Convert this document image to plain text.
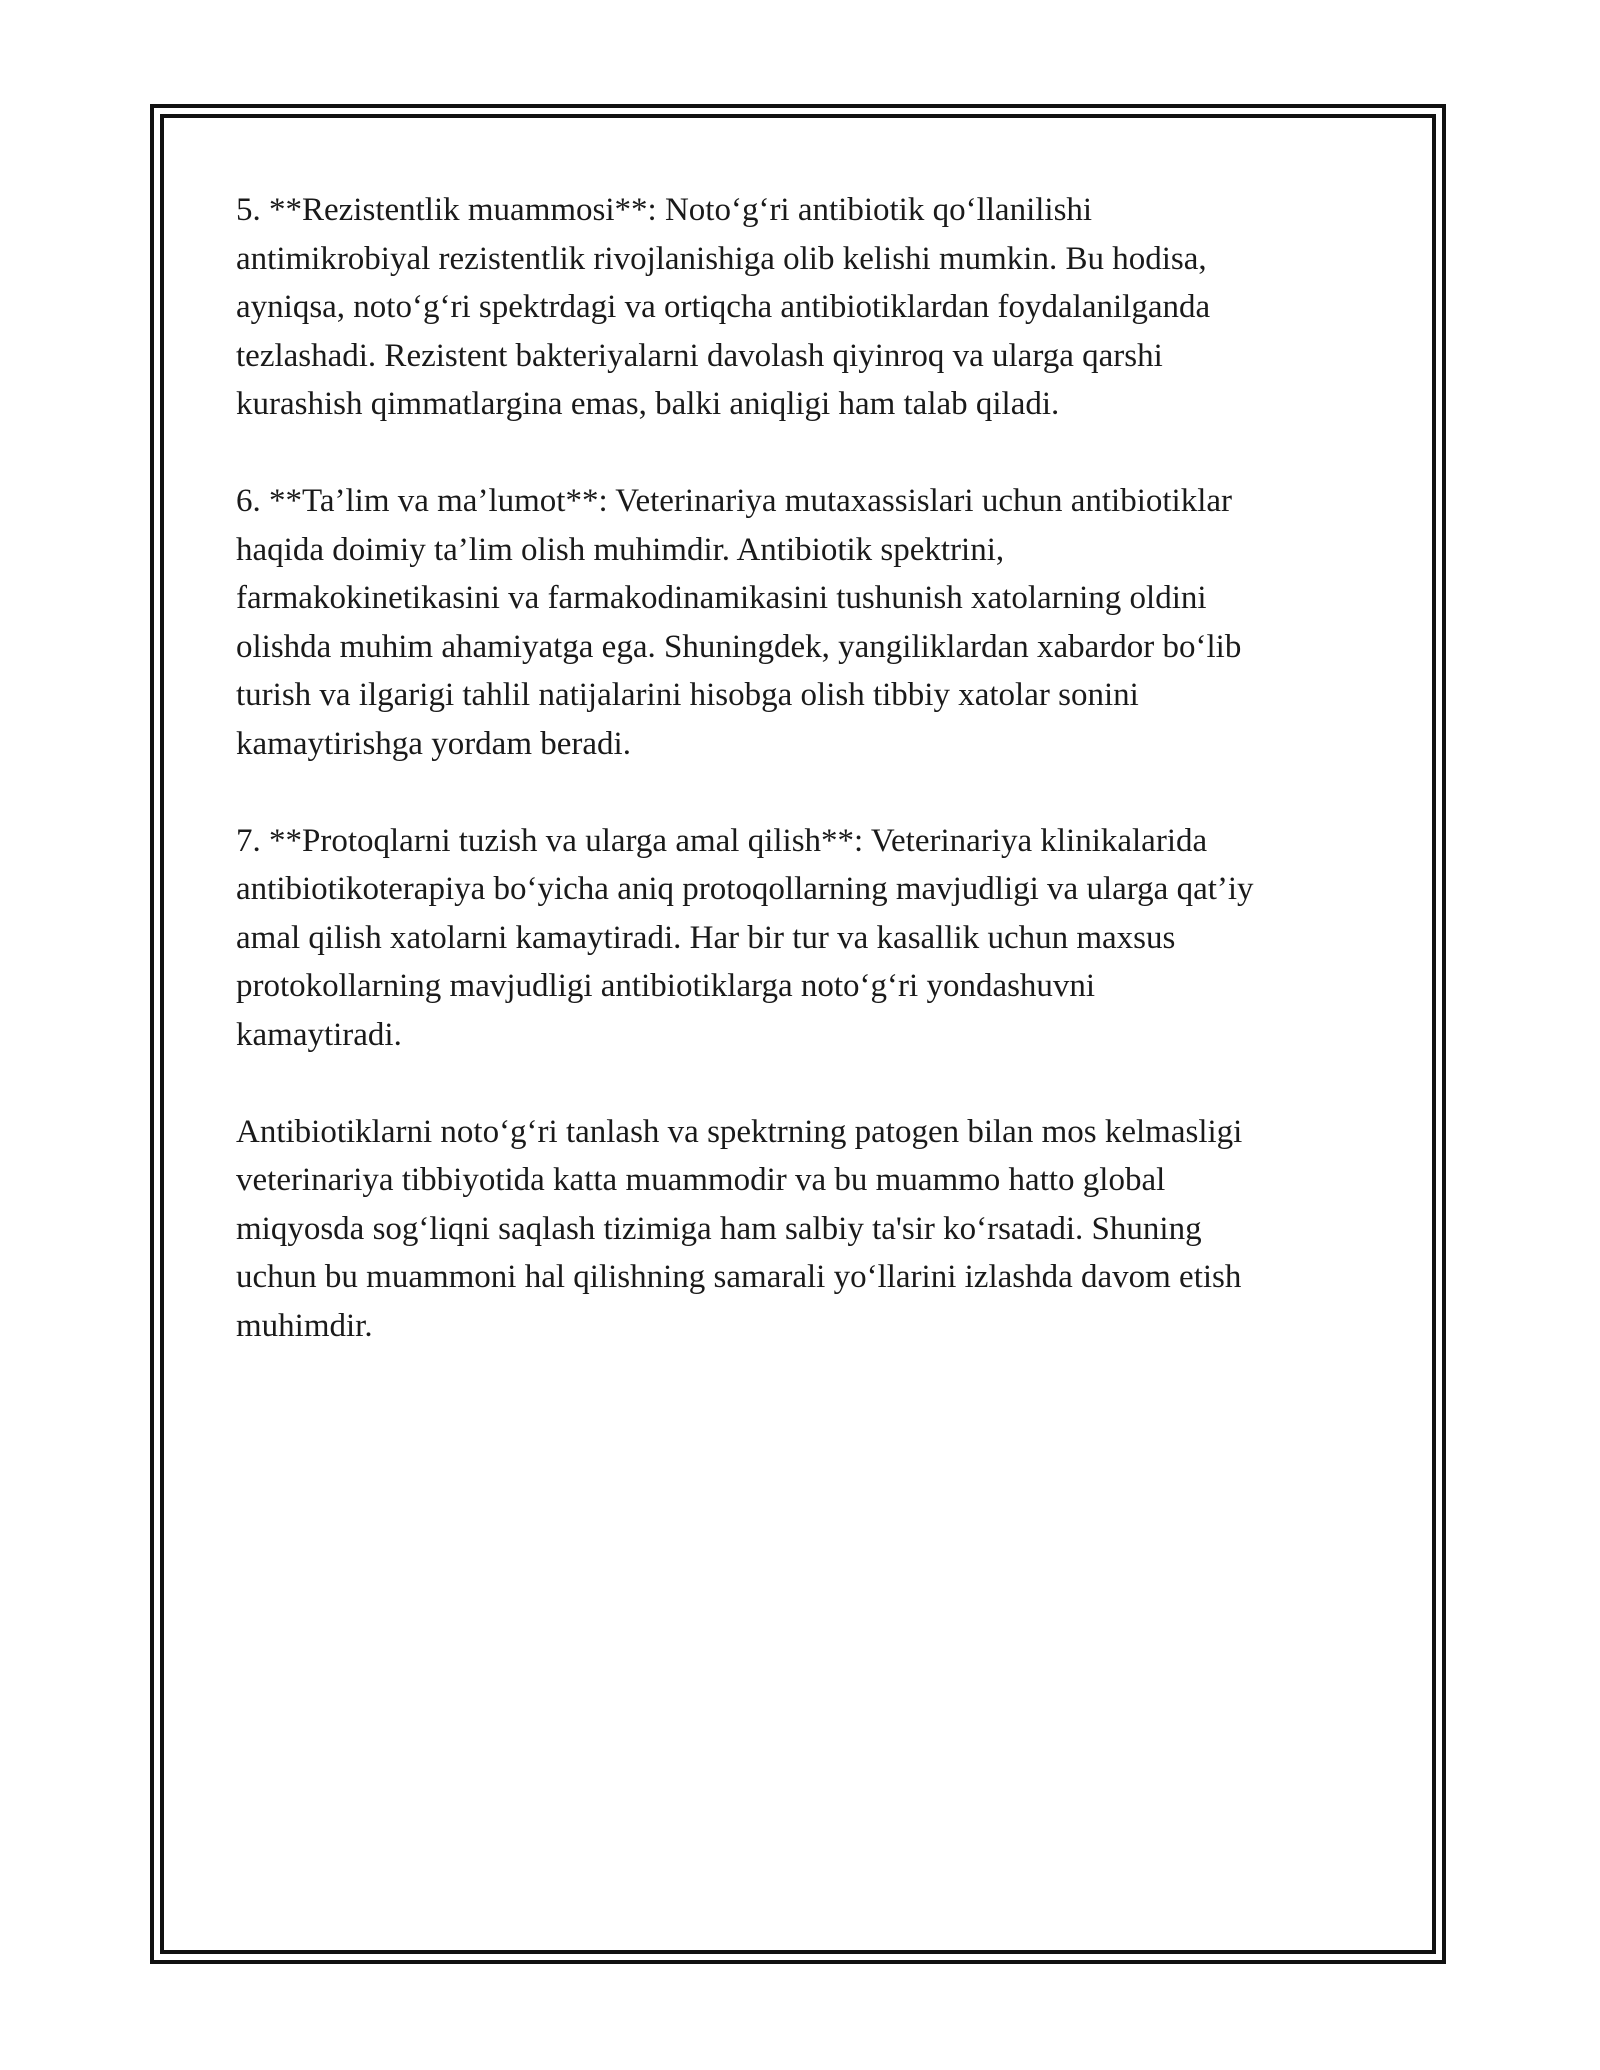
5. **Rezistentlik muammosi**: Noto‘g‘ri antibiotik qo‘llanilishi
antimikrobiyal rezistentlik rivojlanishiga olib kelishi mumkin. Bu hodisa,
ayniqsa, noto‘g‘ri spektrdagi va ortiqcha antibiotiklardan foydalanilganda
tezlashadi. Rezistent bakteriyalarni davolash qiyinroq va ularga qarshi
kurashish qimmatlargina emas, balki aniqligi ham talab qiladi.

6. **Ta’lim va ma’lumot**: Veterinariya mutaxassislari uchun antibiotiklar
haqida doimiy ta’lim olish muhimdir. Antibiotik spektrini,
farmakokinetikasini va farmakodinamikasini tushunish xatolarning oldini
olishda muhim ahamiyatga ega. Shuningdek, yangiliklardan xabardor bo‘lib
turish va ilgarigi tahlil natijalarini hisobga olish tibbiy xatolar sonini
kamaytirishga yordam beradi.

7. **Protoqlarni tuzish va ularga amal qilish**: Veterinariya klinikalarida
antibiotikoterapiya bo‘yicha aniq protoqollarning mavjudligi va ularga qat’iy
amal qilish xatolarni kamaytiradi. Har bir tur va kasallik uchun maxsus
protokollarning mavjudligi antibiotiklarga noto‘g‘ri yondashuvni
kamaytiradi.

Antibiotiklarni noto‘g‘ri tanlash va spektrning patogen bilan mos kelmasligi
veterinariya tibbiyotida katta muammodir va bu muammo hatto global
miqyosda sog‘liqni saqlash tizimiga ham salbiy ta'sir ko‘rsatadi. Shuning
uchun bu muammoni hal qilishning samarali yo‘llarini izlashda davom etish
muhimdir.
